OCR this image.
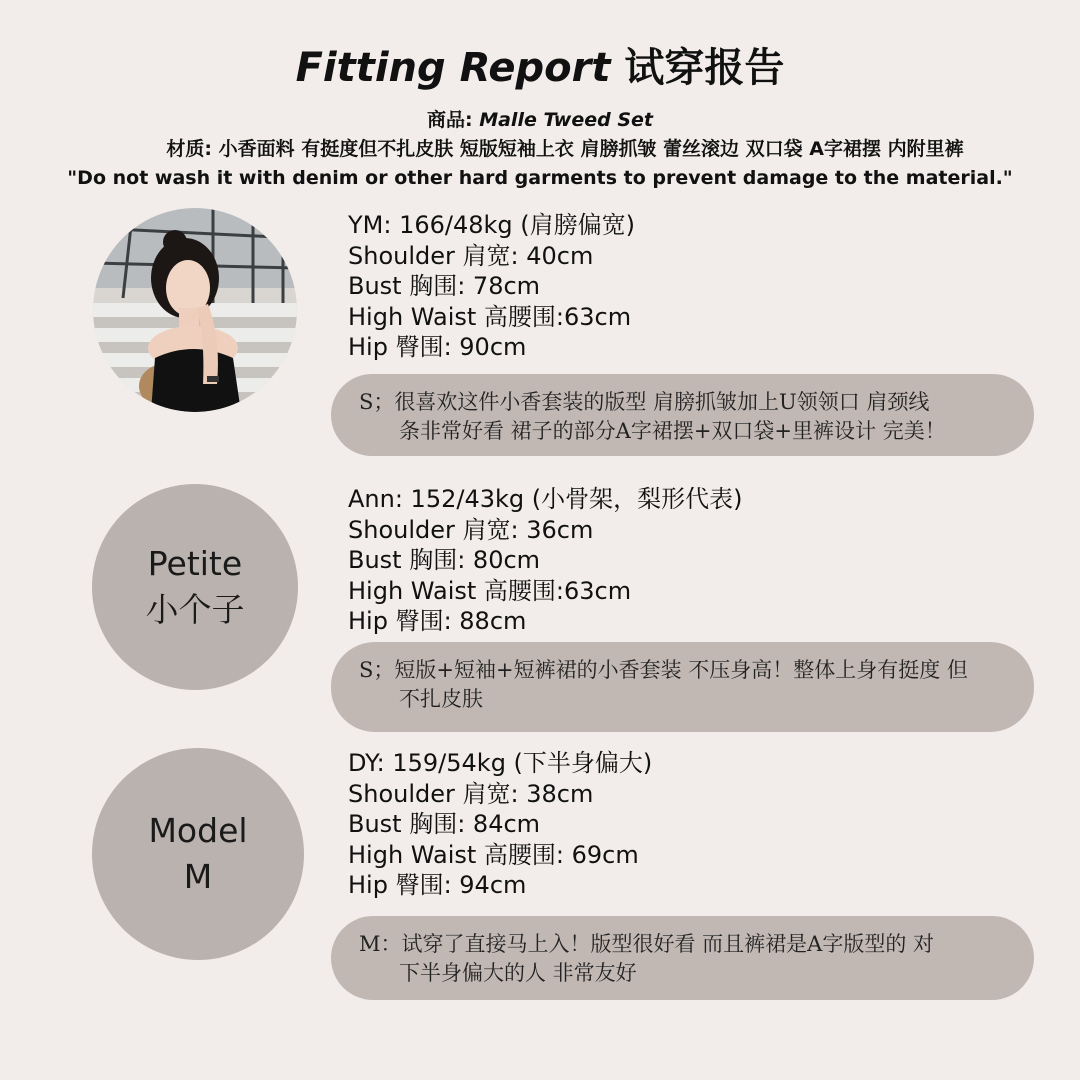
Fitting Report 试穿报告

商品: Malle Tweed Set

材质: 小香面料 有挺度但不扎皮肤 短版短袖上衣 肩膀抓皱 蕾丝滚边 双口袋 A字裙摆 内附里裤

"Do not wash it with denim or other hard garments to prevent damage to the material."

YM: 166/48kg (肩膀偏宽)
Shoulder 肩宽: 40cm
Bust 胸围: 78cm
High Waist 高腰围:63cm
Hip 臀围: 90cm
S；很喜欢这件小香套装的版型 肩膀抓皱加上U领领口 肩颈线
条非常好看 裙子的部分A字裙摆+双口袋+里裤设计 完美！
Petite
小个子
Ann: 152/43kg (小骨架，梨形代表)
Shoulder 肩宽: 36cm
Bust 胸围: 80cm
High Waist 高腰围:63cm
Hip 臀围: 88cm
S；短版+短袖+短裤裙的小香套装 不压身高！整体上身有挺度 但
不扎皮肤
Model
M
DY: 159/54kg (下半身偏大)
Shoulder 肩宽: 38cm
Bust 胸围: 84cm
High Waist 高腰围: 69cm
Hip 臀围: 94cm
M：试穿了直接马上入！版型很好看 而且裤裙是A字版型的 对
下半身偏大的人 非常友好
